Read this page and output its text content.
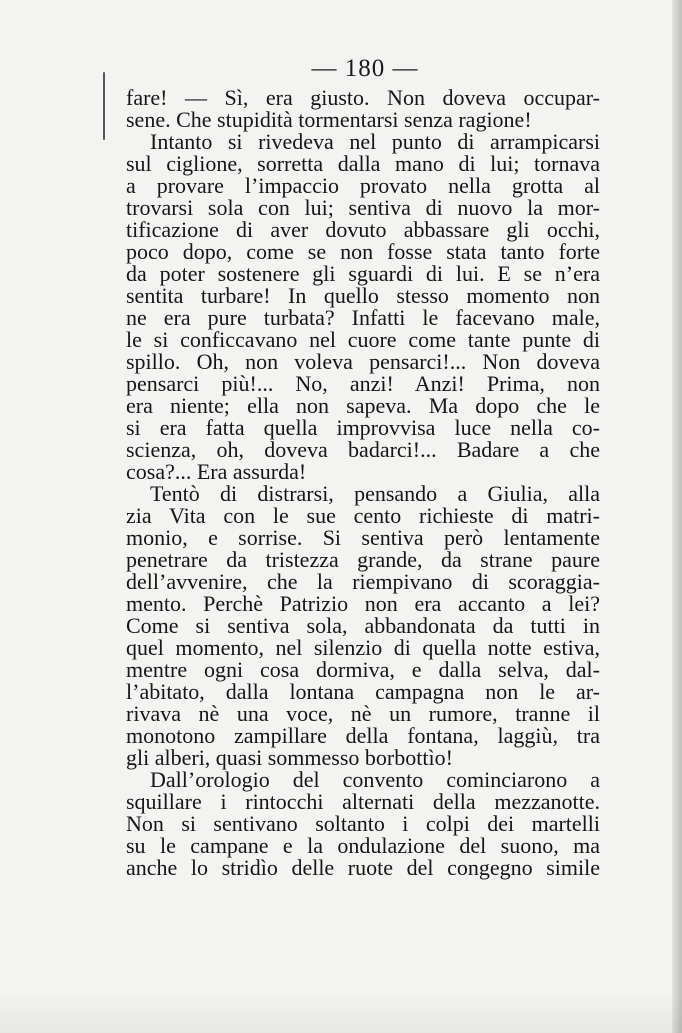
— 180 —

fare! — Sì, era giusto. Non doveva occupar-
sene. Che stupidità tormentarsi senza ragione!
Intanto si rivedeva nel punto di arrampicarsi
sul ciglione, sorretta dalla mano di lui; tornava
a provare l’impaccio provato nella grotta al
trovarsi sola con lui; sentiva di nuovo la mor-
tificazione di aver dovuto abbassare gli occhi,
poco dopo, come se non fosse stata tanto forte
da poter sostenere gli sguardi di lui. E se n’era
sentita turbare! In quello stesso momento non
ne era pure turbata? Infatti le facevano male,
le si conficcavano nel cuore come tante punte di
spillo. Oh, non voleva pensarci!... Non doveva
pensarci più!... No, anzi! Anzi! Prima, non
era niente; ella non sapeva. Ma dopo che le
si era fatta quella improvvisa luce nella co-
scienza, oh, doveva badarci!... Badare a che
cosa?... Era assurda!
Tentò di distrarsi, pensando a Giulia, alla
zia Vita con le sue cento richieste di matri-
monio, e sorrise. Si sentiva però lentamente
penetrare da tristezza grande, da strane paure
dell’avvenire, che la riempivano di scoraggia-
mento. Perchè Patrizio non era accanto a lei?
Come si sentiva sola, abbandonata da tutti in
quel momento, nel silenzio di quella notte estiva,
mentre ogni cosa dormiva, e dalla selva, dal-
l’abitato, dalla lontana campagna non le ar-
rivava nè una voce, nè un rumore, tranne il
monotono zampillare della fontana, laggiù, tra
gli alberi, quasi sommesso borbottìo!
Dall’orologio del convento cominciarono a
squillare i rintocchi alternati della mezzanotte.
Non si sentivano soltanto i colpi dei martelli
su le campane e la ondulazione del suono, ma
anche lo stridìo delle ruote del congegno simile
